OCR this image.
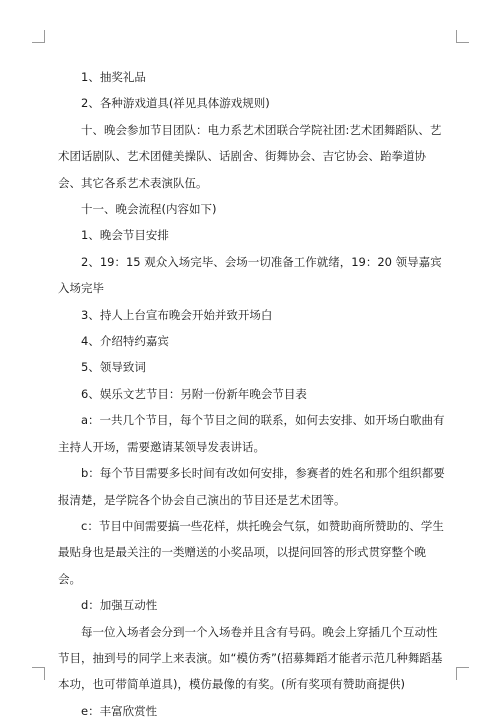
1、抽奖礼品

2、各种游戏道具(祥见具体游戏规则)

十、晚会参加节目团队：电力系艺术团联合学院社团:艺术团舞蹈队、艺术团话剧队、艺术团健美操队、话剧舍、街舞协会、吉它协会、跆拳道协会、其它各系艺术表演队伍。

十一、晚会流程(内容如下)

1、晚会节目安排

2、19：15 观众入场完毕、会场一切准备工作就绪，19：20 领导嘉宾入场完毕

3、持人上台宣布晚会开始并致开场白

4、介绍特约嘉宾

5、领导致词

6、娱乐文艺节目：另附一份新年晚会节目表

a：一共几个节目，每个节目之间的联系，如何去安排、如开场白歌曲有主持人开场，需要邀请某领导发表讲话。

b：每个节目需要多长时间有改如何安排，参赛者的姓名和那个组织都要报清楚，是学院各个协会自己演出的节目还是艺术团等。

c：节目中间需要搞一些花样，烘托晚会气氛，如赞助商所赞助的、学生最贴身也是最关注的一类赠送的小奖品项，以提问回答的形式贯穿整个晚会。

d：加强互动性

每一位入场者会分到一个入场卷并且含有号码。晚会上穿插几个互动性节目，抽到号的同学上来表演。如“模仿秀”(招募舞蹈才能者示范几种舞蹈基本功，也可带简单道具)，模仿最像的有奖。(所有奖项有赞助商提供)

e：丰富欣赏性
